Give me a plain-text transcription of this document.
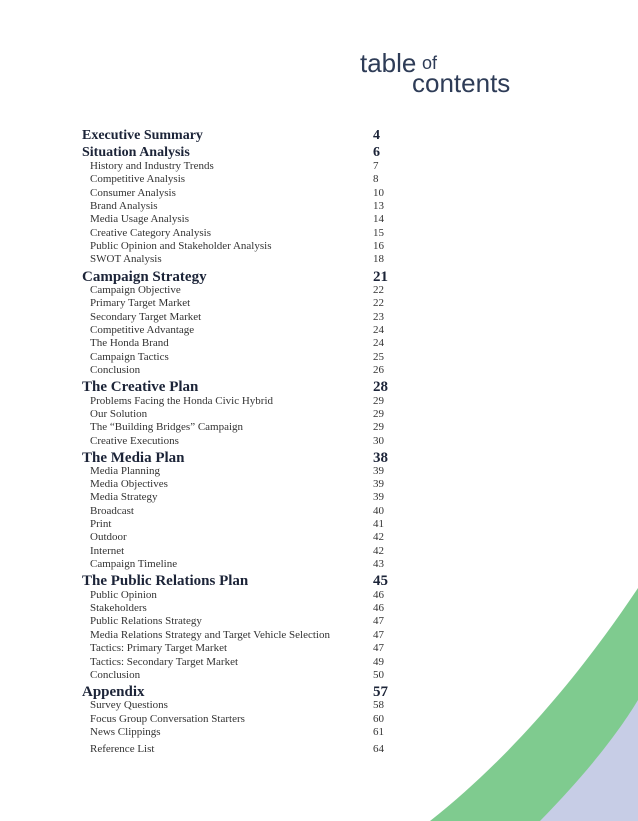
table of
contents
Executive Summary	4
Situation Analysis	6
History and Industry Trends	7
Competitive Analysis	8
Consumer Analysis	10
Brand Analysis	13
Media Usage Analysis	14
Creative Category Analysis	15
Public Opinion and Stakeholder Analysis	16
SWOT Analysis	18
Campaign Strategy	21
Campaign Objective	22
Primary Target Market	22
Secondary Target Market	23
Competitive Advantage	24
The Honda Brand	24
Campaign Tactics	25
Conclusion	26
The Creative Plan	28
Problems Facing the Honda Civic Hybrid	29
Our Solution	29
The “Building Bridges” Campaign	29
Creative Executions	30
The Media Plan	38
Media Planning	39
Media Objectives	39
Media Strategy	39
Broadcast	40
Print	41
Outdoor	42
Internet	42
Campaign Timeline	43
The Public Relations Plan	45
Public Opinion	46
Stakeholders	46
Public Relations Strategy	47
Media Relations Strategy and Target Vehicle Selection	47
Tactics: Primary Target Market	47
Tactics: Secondary Target Market	49
Conclusion	50
Appendix	57
Survey Questions	58
Focus Group Conversation Starters	60
News Clippings	61
Reference List	64
